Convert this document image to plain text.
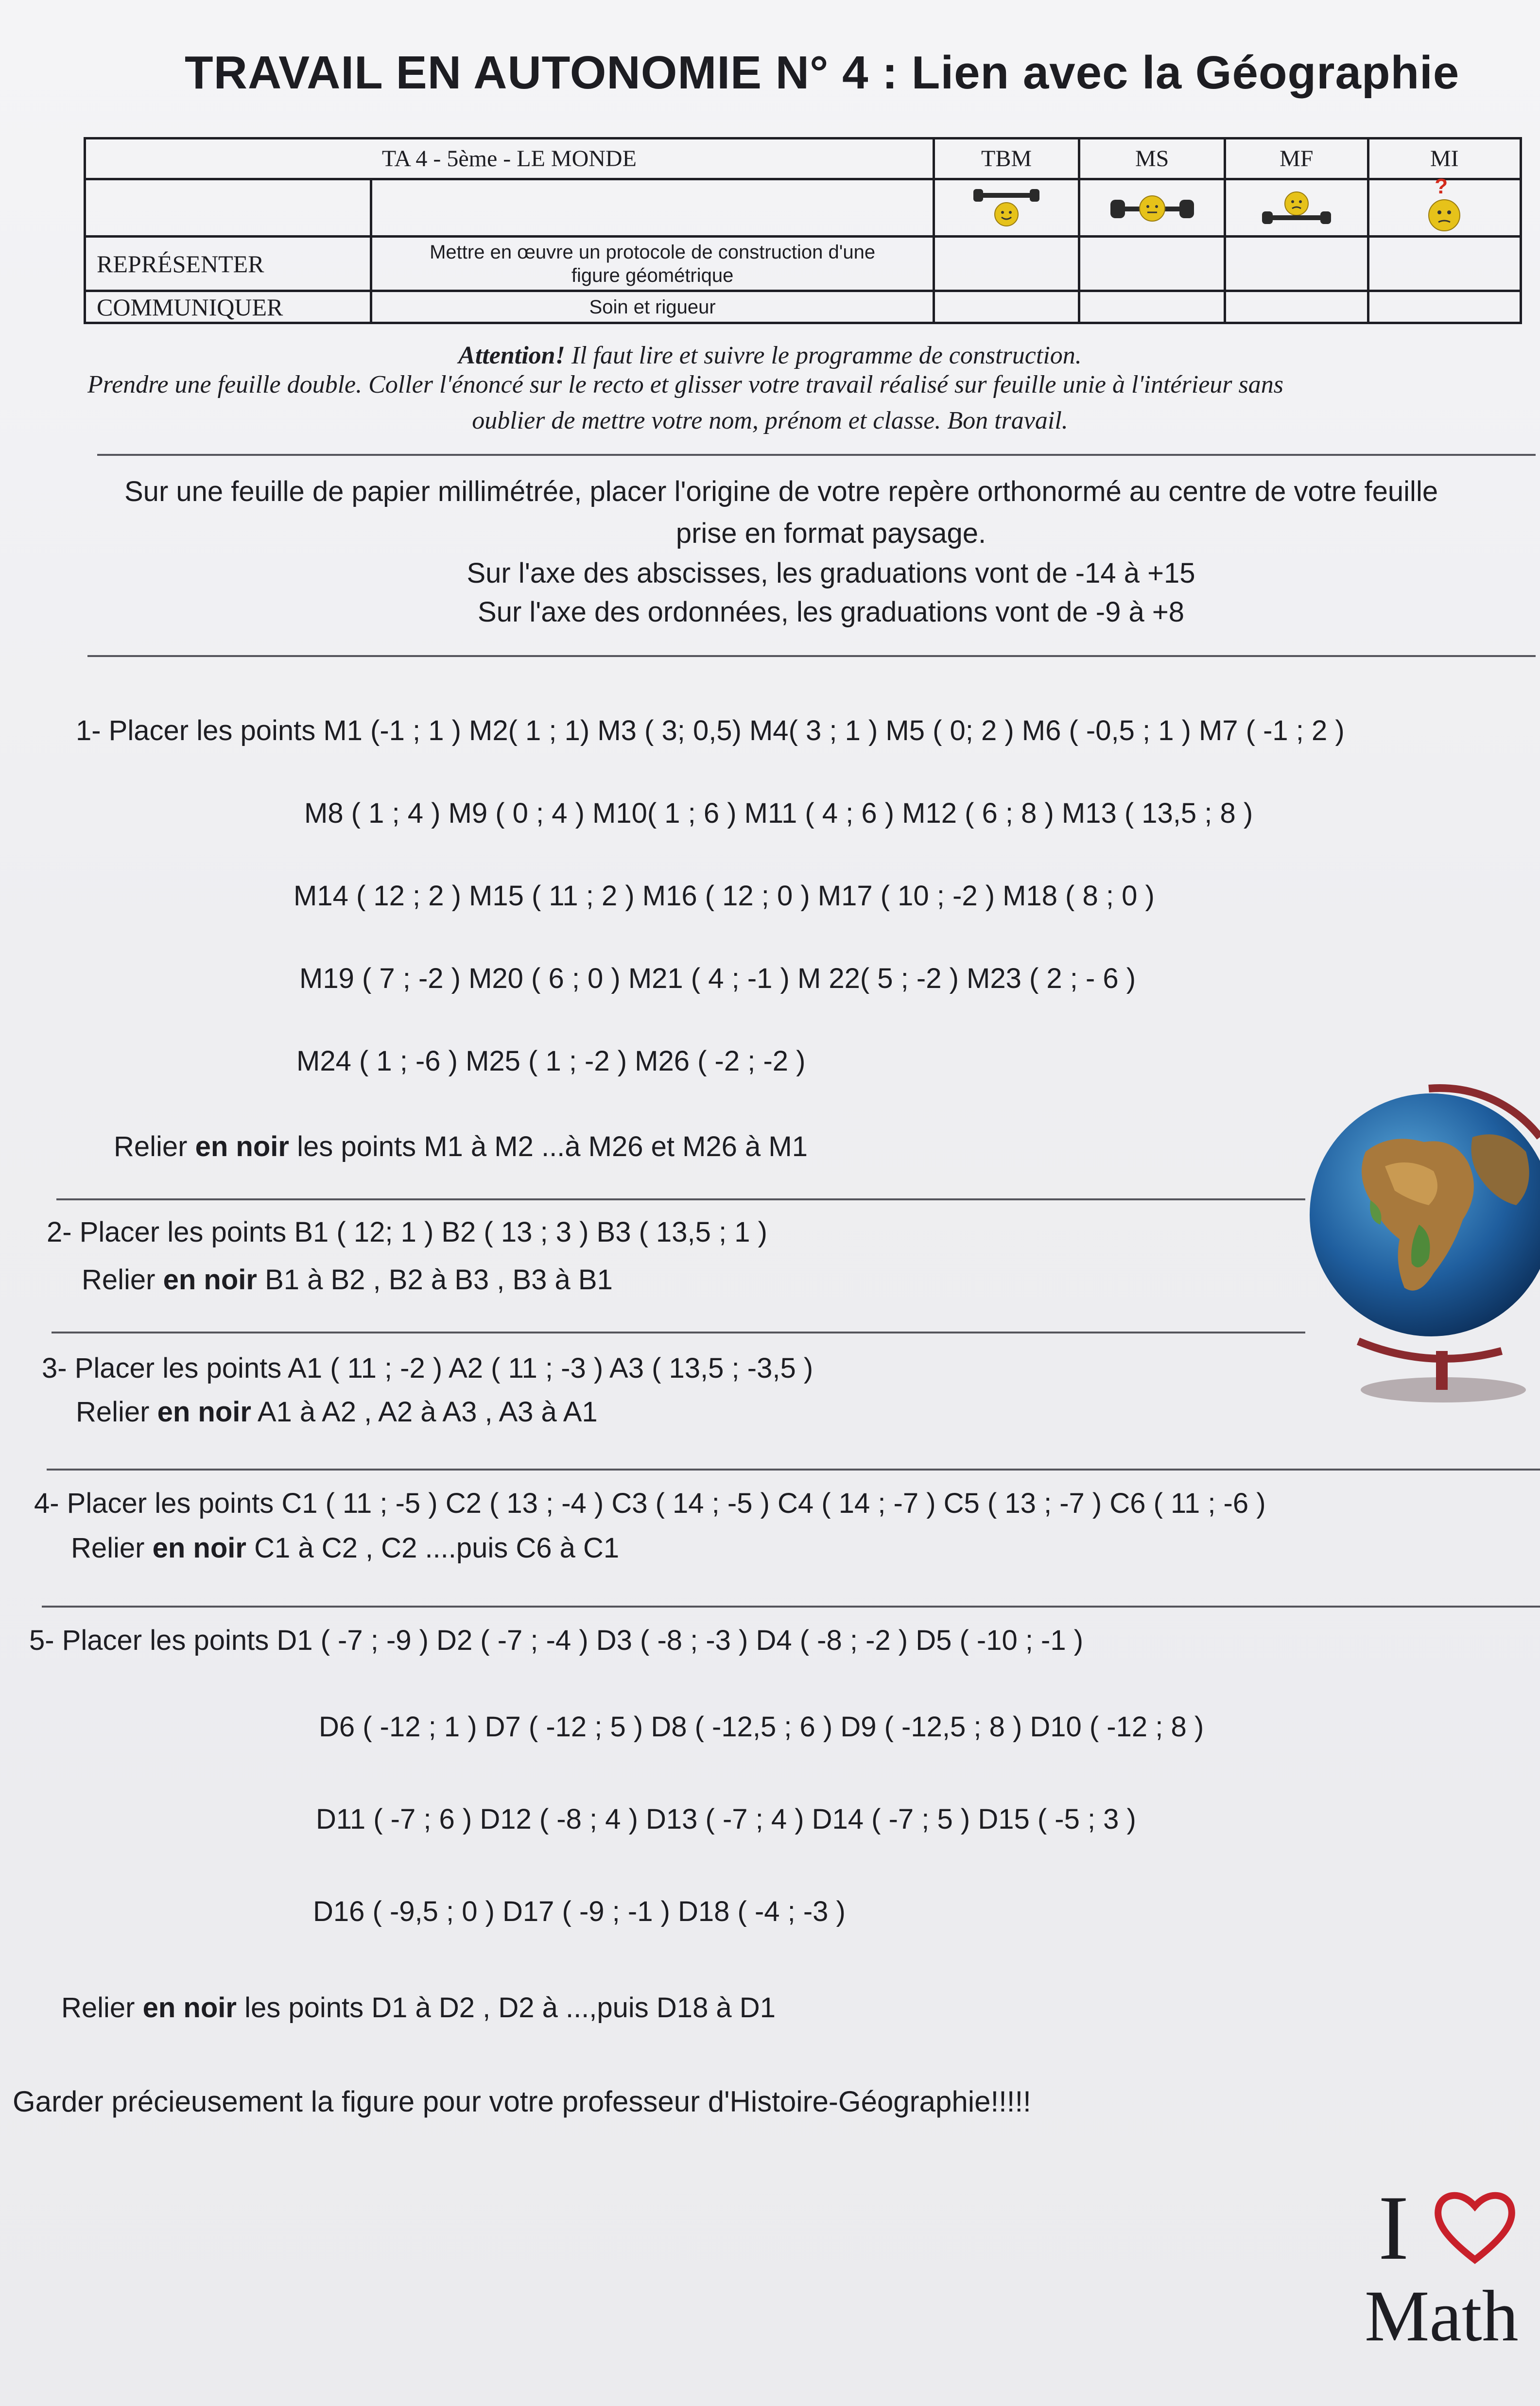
TRAVAIL EN AUTONOMIE N° 4 : Lien avec la Géographie
TA 4 - 5ème - LE MONDE		TBM	MS	MF	MI

?

REPRÉSENTER	Mettre en œuvre un protocole de construction d'une
figure géométrique				
COMMUNIQUER	Soin et rigueur				
Attention! Il faut lire et suivre le programme de construction.
Prendre une feuille double. Coller l'énoncé sur le recto et glisser votre travail réalisé sur feuille unie à l'intérieur sans
oublier de mettre votre nom, prénom et classe. Bon travail.
Sur une feuille de papier millimétrée, placer l'origine de votre repère orthonormé au centre de votre feuille
prise en format paysage.
Sur l'axe des abscisses, les graduations vont de -14 à +15
Sur l'axe des ordonnées, les graduations vont de -9 à +8
1- Placer les points M1 (-1 ; 1 ) M2( 1 ; 1) M3 ( 3; 0,5) M4( 3 ; 1 ) M5 ( 0; 2 ) M6 ( -0,5 ; 1 ) M7 ( -1 ; 2 )
M8 ( 1 ; 4 ) M9 ( 0 ; 4 ) M10( 1 ; 6 ) M11 ( 4 ; 6 ) M12 ( 6 ; 8 ) M13 ( 13,5 ; 8 )
M14 ( 12 ; 2 ) M15 ( 11 ; 2 ) M16 ( 12 ; 0 ) M17 ( 10 ; -2 ) M18 ( 8 ; 0 )
M19 ( 7 ; -2 ) M20 ( 6 ; 0 ) M21 ( 4 ; -1 ) M 22( 5 ; -2 ) M23 ( 2 ; - 6 )
M24 ( 1 ; -6 ) M25 ( 1 ; -2 ) M26 ( -2 ; -2 )
Relier en noir les points M1 à M2 ...à M26 et M26 à M1
2- Placer les points B1 ( 12; 1 ) B2 ( 13 ; 3 ) B3 ( 13,5 ; 1 )
Relier en noir B1 à B2 , B2 à B3 , B3 à B1
3- Placer les points A1 ( 11 ; -2 ) A2 ( 11 ; -3 ) A3 ( 13,5 ; -3,5 )
Relier en noir A1 à A2 , A2 à A3 , A3 à A1
4- Placer les points C1 ( 11 ; -5 ) C2 ( 13 ; -4 ) C3 ( 14 ; -5 ) C4 ( 14 ; -7 ) C5 ( 13 ; -7 ) C6 ( 11 ; -6 )
Relier en noir C1 à C2 , C2 ....puis C6 à C1
5- Placer les points D1 ( -7 ; -9 ) D2 ( -7 ; -4 ) D3 ( -8 ; -3 ) D4 ( -8 ; -2 ) D5 ( -10 ; -1 )
D6 ( -12 ; 1 ) D7 ( -12 ; 5 ) D8 ( -12,5 ; 6 ) D9 ( -12,5 ; 8 ) D10 ( -12 ; 8 )
D11 ( -7 ; 6 ) D12 ( -8 ; 4 ) D13 ( -7 ; 4 ) D14 ( -7 ; 5 ) D15 ( -5 ; 3 )
D16 ( -9,5 ; 0 ) D17 ( -9 ; -1 ) D18 ( -4 ; -3 )
Relier en noir les points D1 à D2 , D2 à ...,puis D18 à D1
Garder précieusement la figure pour votre professeur d'Histoire-Géographie!!!!!
I
Math
